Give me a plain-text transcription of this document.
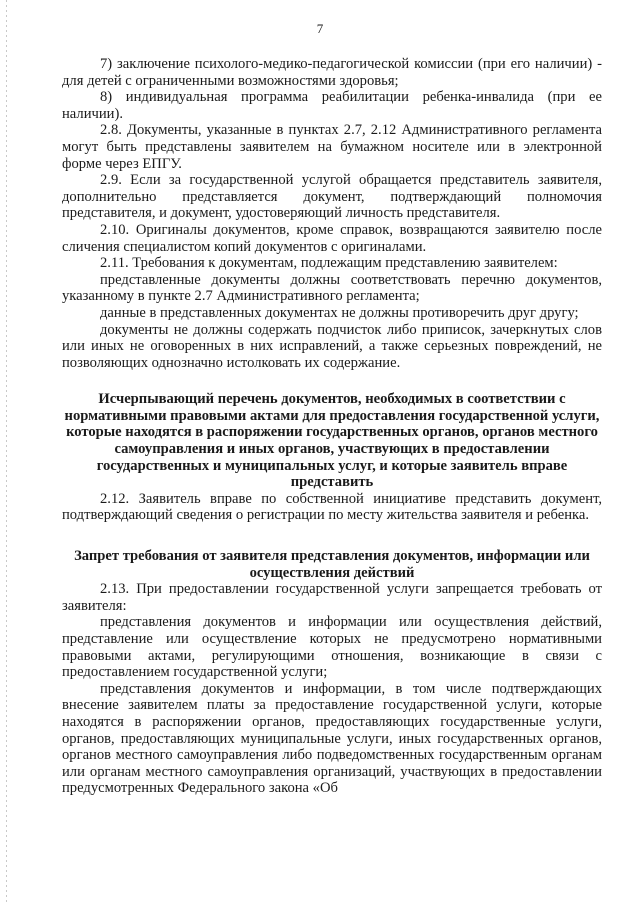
7

7) заключение психолого-медико-педагогической комиссии (при его наличии) - для детей с ограниченными возможностями здоровья;

8) индивидуальная программа реабилитации ребенка-инвалида (при ее наличии).

2.8. Документы, указанные в пунктах 2.7, 2.12 Административного регламента могут быть представлены заявителем на бумажном носителе или в электронной форме через ЕПГУ.

2.9. Если за государственной услугой обращается представитель заявителя, дополнительно представляется документ, подтверждающий полномочия представителя, и документ, удостоверяющий личность представителя.

2.10. Оригиналы документов, кроме справок, возвращаются заявителю после сличения специалистом копий документов с оригиналами.

2.11. Требования к документам, подлежащим представлению заявителем:

представленные документы должны соответствовать перечню документов, указанному в пункте 2.7 Административного регламента;

данные в представленных документах не должны противоречить друг другу;

документы не должны содержать подчисток либо приписок, зачеркнутых слов или иных не оговоренных в них исправлений, а также серьезных повреждений, не позволяющих однозначно истолковать их содержание.

Исчерпывающий перечень документов, необходимых в соответствии с нормативными правовыми актами для предоставления государственной услуги, которые находятся в распоряжении государственных органов, органов местного самоуправления и иных органов, участвующих в предоставлении государственных и муниципальных услуг, и которые заявитель вправе представить

2.12. Заявитель вправе по собственной инициативе представить документ, подтверждающий сведения о регистрации по месту жительства заявителя и ребенка.

Запрет требования от заявителя представления документов, информации или осуществления действий

2.13. При предоставлении государственной услуги запрещается требовать от заявителя:

представления документов и информации или осуществления действий, представление или осуществление которых не предусмотрено нормативными правовыми актами, регулирующими отношения, возникающие в связи с предоставлением государственной услуги;

представления документов и информации, в том числе подтверждающих внесение заявителем платы за предоставление государственной услуги, которые находятся в распоряжении органов, предоставляющих государственные услуги, органов, предоставляющих муниципальные услуги, иных государственных органов, органов местного самоуправления либо подведомственных государственным органам или органам местного самоуправления организаций, участвующих в предоставлении предусмотренных Федерального закона «Об
